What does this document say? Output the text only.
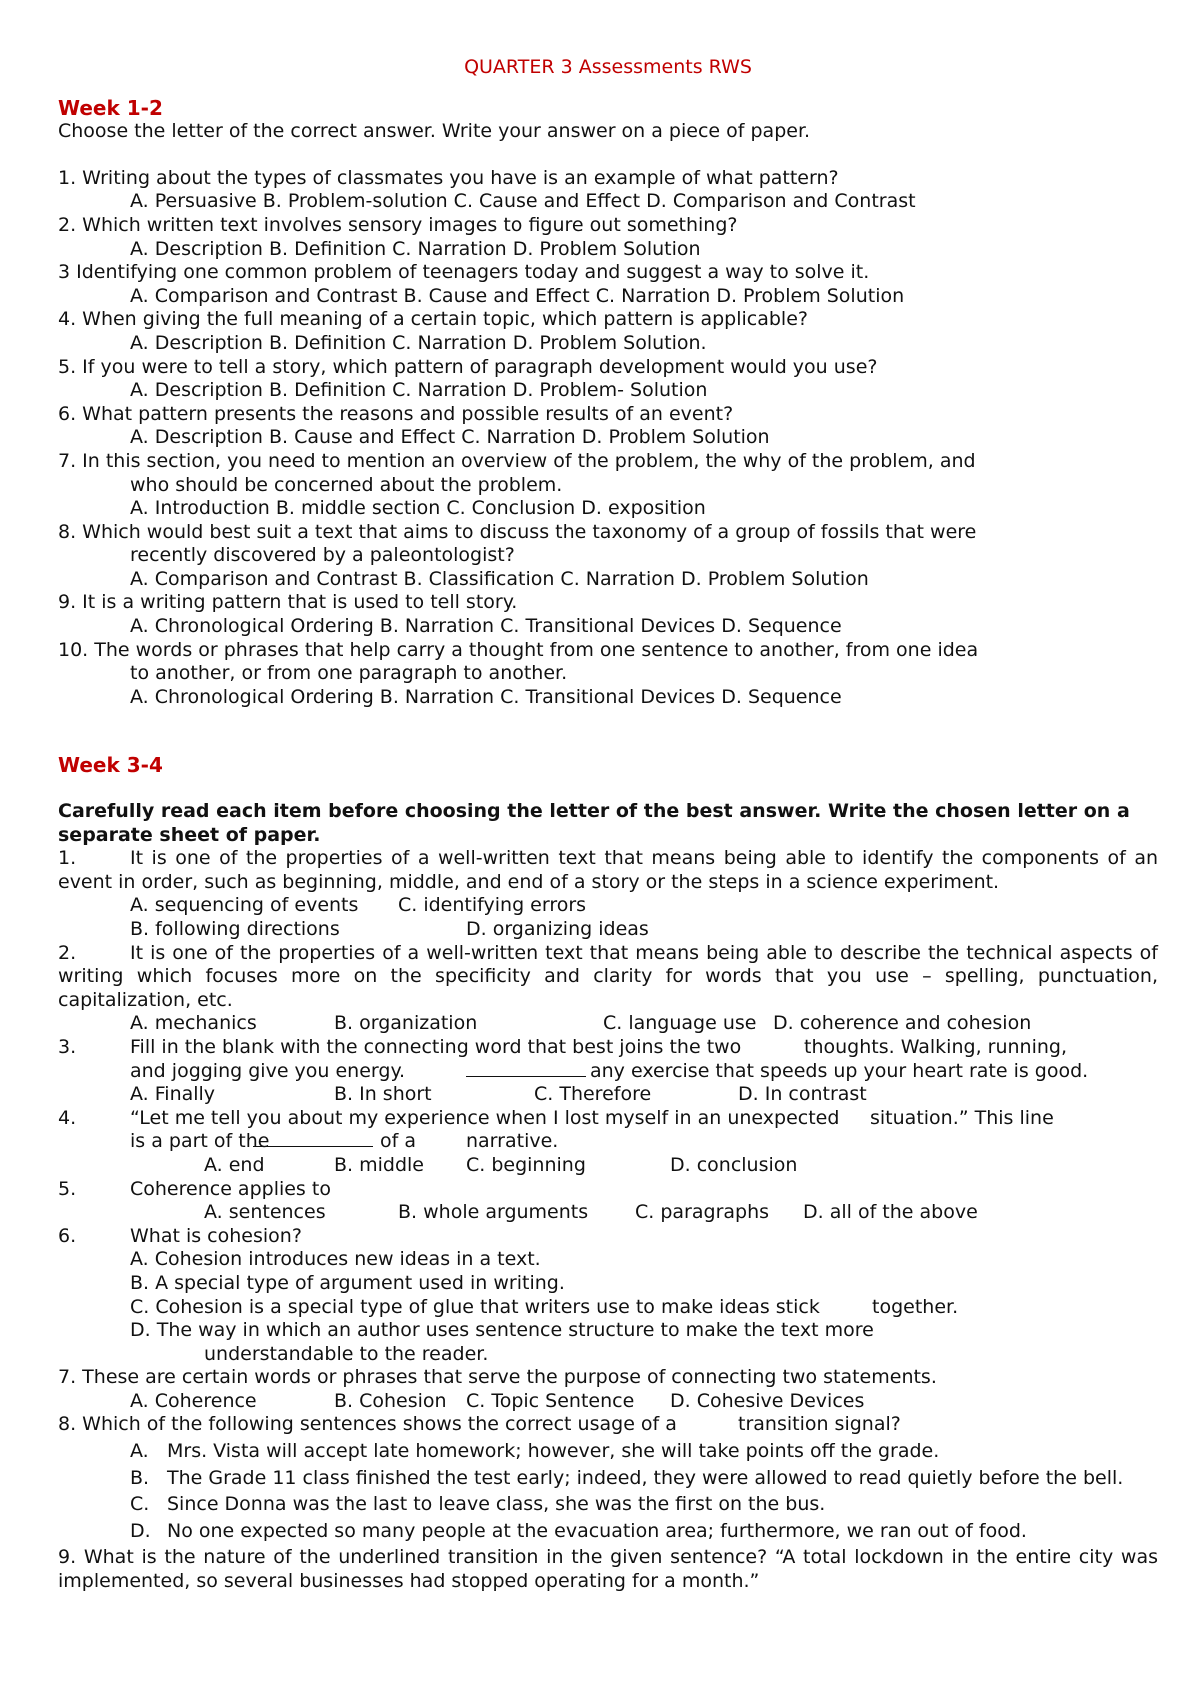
QUARTER 3 Assessments RWS

Week 1-2

Choose the letter of the correct answer. Write your answer on a piece of paper.

1. Writing about the types of classmates you have is an example of what pattern?

A. Persuasive B. Problem-solution C. Cause and Effect D. Comparison and Contrast

2. Which written text involves sensory images to figure out something?

A. Description B. Definition C. Narration D. Problem Solution

3 Identifying one common problem of teenagers today and suggest a way to solve it.

A. Comparison and Contrast B. Cause and Effect C. Narration D. Problem Solution

4. When giving the full meaning of a certain topic, which pattern is applicable?

A. Description B. Definition C. Narration D. Problem Solution.

5. If you were to tell a story, which pattern of paragraph development would you use?

A. Description B. Definition C. Narration D. Problem- Solution

6. What pattern presents the reasons and possible results of an event?

A. Description B. Cause and Effect C. Narration D. Problem Solution

7. In this section, you need to mention an overview of the problem, the why of the problem, and

who should be concerned about the problem.

A. Introduction B. middle section C. Conclusion D. exposition

8. Which would best suit a text that aims to discuss the taxonomy of a group of fossils that were

recently discovered by a paleontologist?

A. Comparison and Contrast B. Classification C. Narration D. Problem Solution

9. It is a writing pattern that is used to tell story.

A. Chronological Ordering B. Narration C. Transitional Devices D. Sequence

10. The words or phrases that help carry a thought from one sentence to another, from one idea

to another, or from one paragraph to another.

A. Chronological Ordering B. Narration C. Transitional Devices D. Sequence

Week 3-4

Carefully read each item before choosing the letter of the best answer. Write the chosen letter on a separate sheet of paper.

1.	It is one of the properties of a well-written text that means being able to identify the components of an event in order, such as beginning, middle, and end of a story or the steps in a science experiment.
A. sequencing of events C. identifying errors
B. following directions	D. organizing ideas
2.	It is one of the properties of a well-written text that means being able to describe the technical aspects of writing which focuses more on the specificity and clarity for words that you use – spelling, punctuation, capitalization, etc.
A. mechanics	B. organization	C. language use D. coherence and cohesion
3.	Fill in the blank with the connecting word that best joins the two	thoughts. Walking, running,
and jogging give you energy.	any exercise that speeds up your heart rate is good.
A. Finally	B. In short	C. Therefore	D. In contrast
4.	“Let me tell you about my experience when I lost myself in an unexpected situation.” This line
is a part of the	of a	narrative.
A. end	B. middle C. beginning	D. conclusion
5.	Coherence applies to
A. sentences	B. whole arguments C. paragraphs D. all of the above
6.	What is cohesion?

A. Cohesion introduces new ideas in a text.

B. A special type of argument used in writing.

C. Cohesion is a special type of glue that writers use to make ideas stick	together.

D. The way in which an author uses sentence structure to make the text more

understandable to the reader.

7. These are certain words or phrases that serve the purpose of connecting two statements.

A. Coherence	B. Cohesion C. Topic Sentence D. Cohesive Devices
8. Which of the following sentences shows the correct usage of a	transition signal?
A. Mrs. Vista will accept late homework; however, she will take points off the grade.
B. The Grade 11 class finished the test early; indeed, they were allowed to read quietly before the bell.
C. Since Donna was the last to leave class, she was the first on the bus.
D. No one expected so many people at the evacuation area; furthermore, we ran out of food.

9. What is the nature of the underlined transition in the given sentence? “A total lockdown in the entire city was implemented, so several businesses had stopped operating for a month.”
